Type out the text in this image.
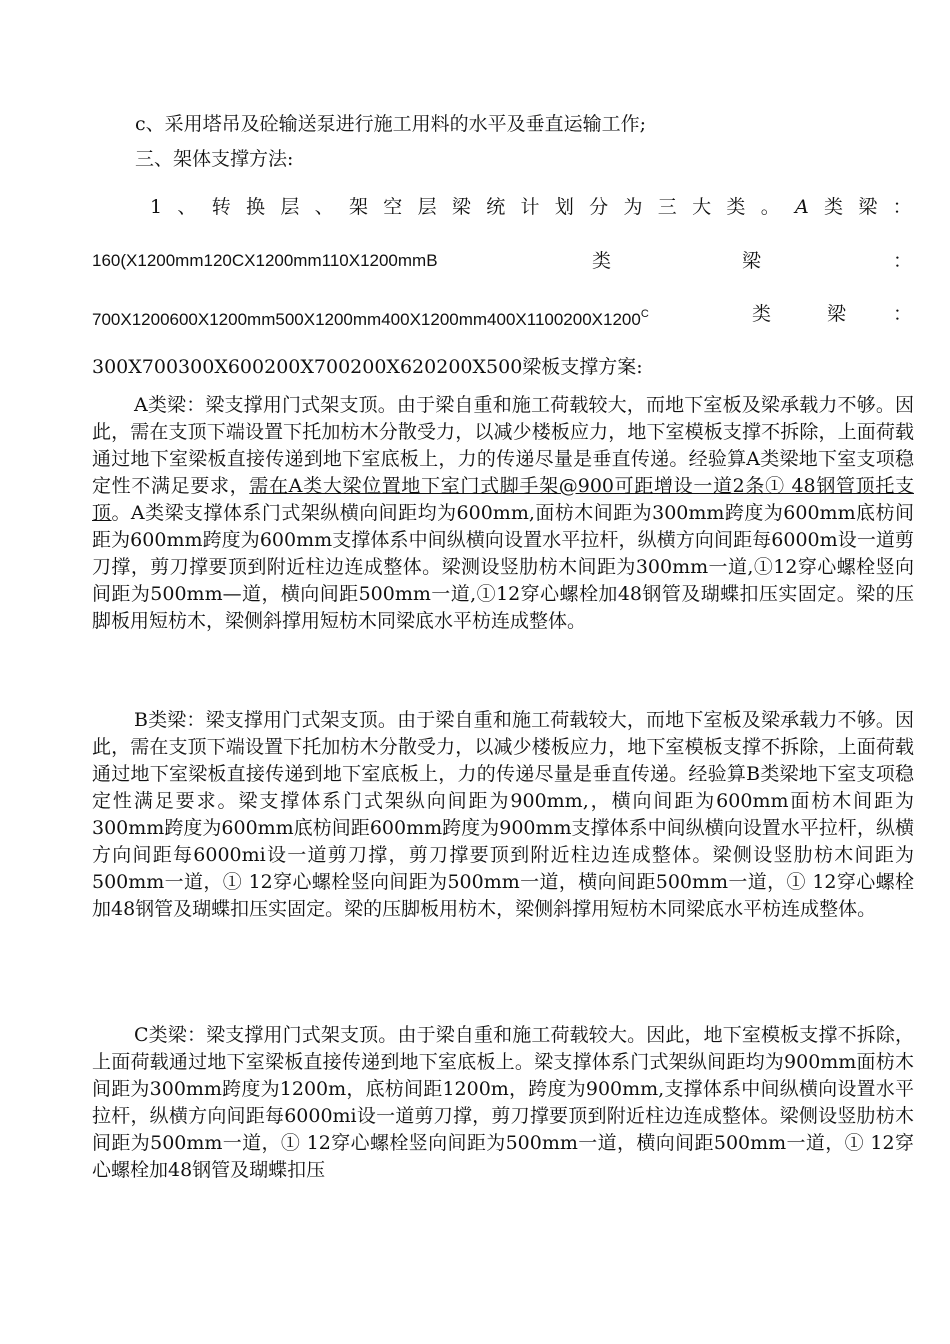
c、采用塔吊及砼输送泵进行施工用料的水平及垂直运输工作;
三、架体支撑方法:
1 、 转 换 层 、 架 空 层 梁 统 计 划 分 为 三 大 类 。 A 类 梁 ：
160(X1200mm120CX1200mm110X1200mmB	类	梁	：
$700X1200600X1200mm500X1200mm400X1200mm400X1100200X1200^C$	类	梁 ：
300X700300X600200X700200X620200X500梁板支撑方案:

A类梁：梁支撑用门式架支顶。由于梁自重和施工荷载较大，而地下室板及梁承载力不够。因此，需在支顶下端设置下托加枋木分散受力，以减少楼板应力，地下室模板支撑不拆除，上面荷载通过地下室梁板直接传递到地下室底板上，力的传递尽量是垂直传递。经验算A类梁地下室支项稳定性不满足要求，需在A类大梁位置地下室门式脚手架@900可距增设一道2条① 48钢管顶托支顶。A类梁支撑体系门式架纵横向间距均为600mm,面枋木间距为300mm跨度为600mm底枋间距为600mm跨度为600mm支撑体系中间纵横向设置水平拉杆，纵横方向间距每6000m设一道剪刀撑，剪刀撑要顶到附近柱边连成整体。梁测设竖肋枋木间距为300mm一道,①12穿心螺栓竖向间距为500mm—道，横向间距500mm一道,①12穿心螺栓加48钢管及瑚蝶扣压实固定。梁的压脚板用短枋木，梁侧斜撑用短枋木同梁底水平枋连成整体。

B类梁：梁支撑用门式架支顶。由于梁自重和施工荷载较大，而地下室板及梁承载力不够。因此，需在支顶下端设置下托加枋木分散受力，以减少楼板应力，地下室模板支撑不拆除，上面荷载通过地下室梁板直接传递到地下室底板上，力的传递尽量是垂直传递。经验算B类梁地下室支项稳定性满足要求。梁支撑体系门式架纵向间距为900mm,，横向间距为600mm面枋木间距为300mm跨度为600mm底枋间距600mm跨度为900mm支撑体系中间纵横向设置水平拉杆，纵横方向间距每6000mi设一道剪刀撑，剪刀撑要顶到附近柱边连成整体。梁侧设竖肋枋木间距为500mm一道，① 12穿心螺栓竖向间距为500mm一道，横向间距500mm一道，① 12穿心螺栓加48钢管及瑚蝶扣压实固定。梁的压脚板用枋木，梁侧斜撑用短枋木同梁底水平枋连成整体。

C类梁：梁支撑用门式架支顶。由于梁自重和施工荷载较大。因此，地下室模板支撑不拆除，上面荷载通过地下室梁板直接传递到地下室底板上。梁支撑体系门式架纵间距均为900mm面枋木间距为300mm跨度为1200m，底枋间距1200m，跨度为900mm,支撑体系中间纵横向设置水平拉杆，纵横方向间距每6000mi设一道剪刀撑，剪刀撑要顶到附近柱边连成整体。梁侧设竖肋枋木间距为500mm一道，① 12穿心螺栓竖向间距为500mm一道，横向间距500mm一道，① 12穿心螺栓加48钢管及瑚蝶扣压
